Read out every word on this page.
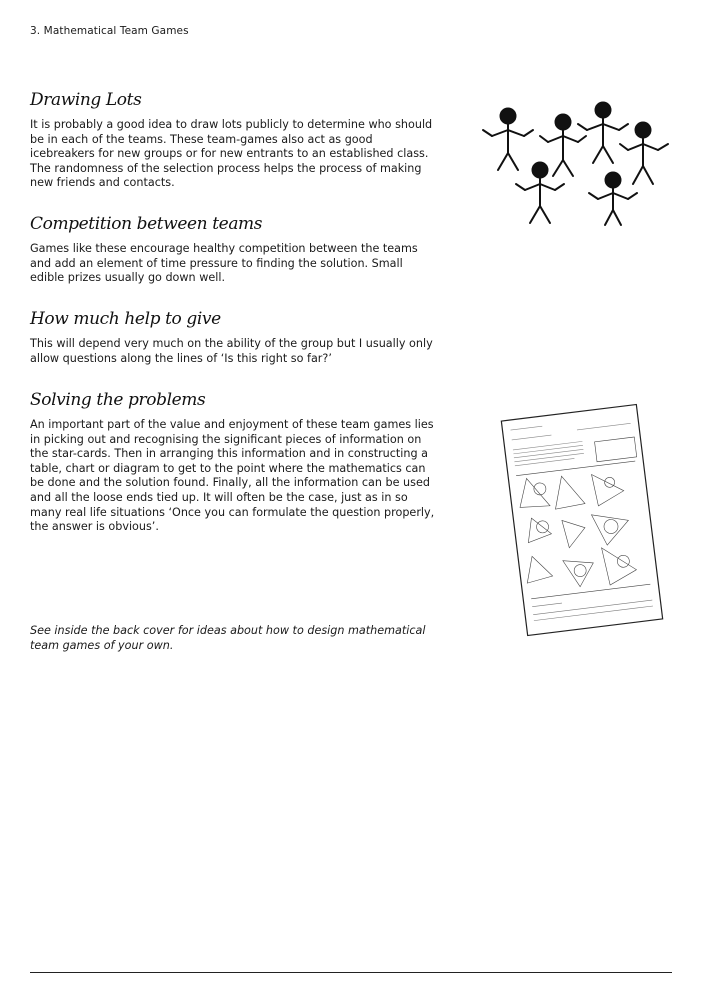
3. Mathematical Team Games
Drawing Lots

It is probably a good idea to draw lots publicly to determine who should be in each of the teams. These team-games also act as good icebreakers for new groups or for new entrants to an established class. The randomness of the selection process helps the process of making new friends and contacts.

Competition between teams

Games like these encourage healthy competition between the teams and add an element of time pressure to finding the solution. Small edible prizes usually go down well.

How much help to give

This will depend very much on the ability of the group but I usually only allow questions along the lines of ‘Is this right so far?’

Solving the problems

An important part of the value and enjoyment of these team games lies in picking out and recognising the significant pieces of information on the star-cards. Then in arranging this information and in constructing a table, chart or diagram to get to the point where the mathematics can be done and the solution found. Finally, all the information can be used and all the loose ends tied up. It will often be the case, just as in so many real life situations ‘Once you can formulate the question properly, the answer is obvious’.

See inside the back cover for ideas about how to design mathematical team games of your own.
